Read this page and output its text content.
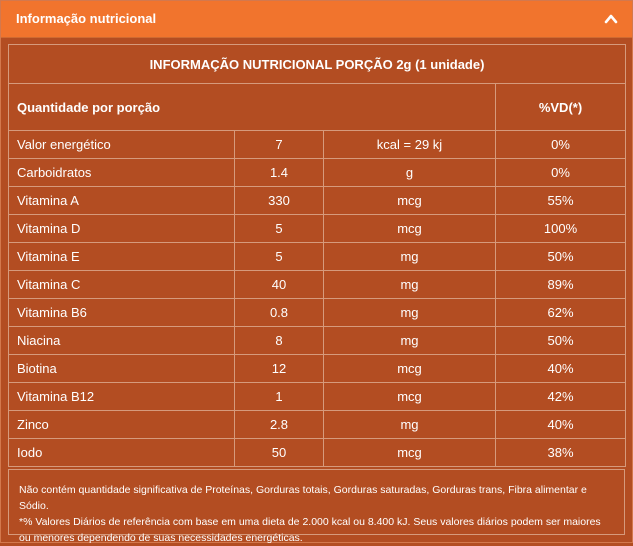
Informação nutricional
INFORMAÇÃO NUTRICIONAL PORÇÃO 2g (1 unidade)			
Quantidade por porção			%VD(*)
Valor energético	7	kcal = 29 kj	0%
Carboidratos	1.4	g	0%
Vitamina A	330	mcg	55%
Vitamina D	5	mcg	100%
Vitamina E	5	mg	50%
Vitamina C	40	mg	89%
Vitamina B6	0.8	mg	62%
Niacina	8	mg	50%
Biotina	12	mcg	40%
Vitamina B12	1	mcg	42%
Zinco	2.8	mg	40%
Iodo	50	mcg	38%
Não contém quantidade significativa de Proteínas, Gorduras totais, Gorduras saturadas, Gorduras trans, Fibra alimentar e Sódio.
*% Valores Diários de referência com base em uma dieta de 2.000 kcal ou 8.400 kJ. Seus valores diários podem ser maiores ou menores dependendo de suas necessidades energéticas.
